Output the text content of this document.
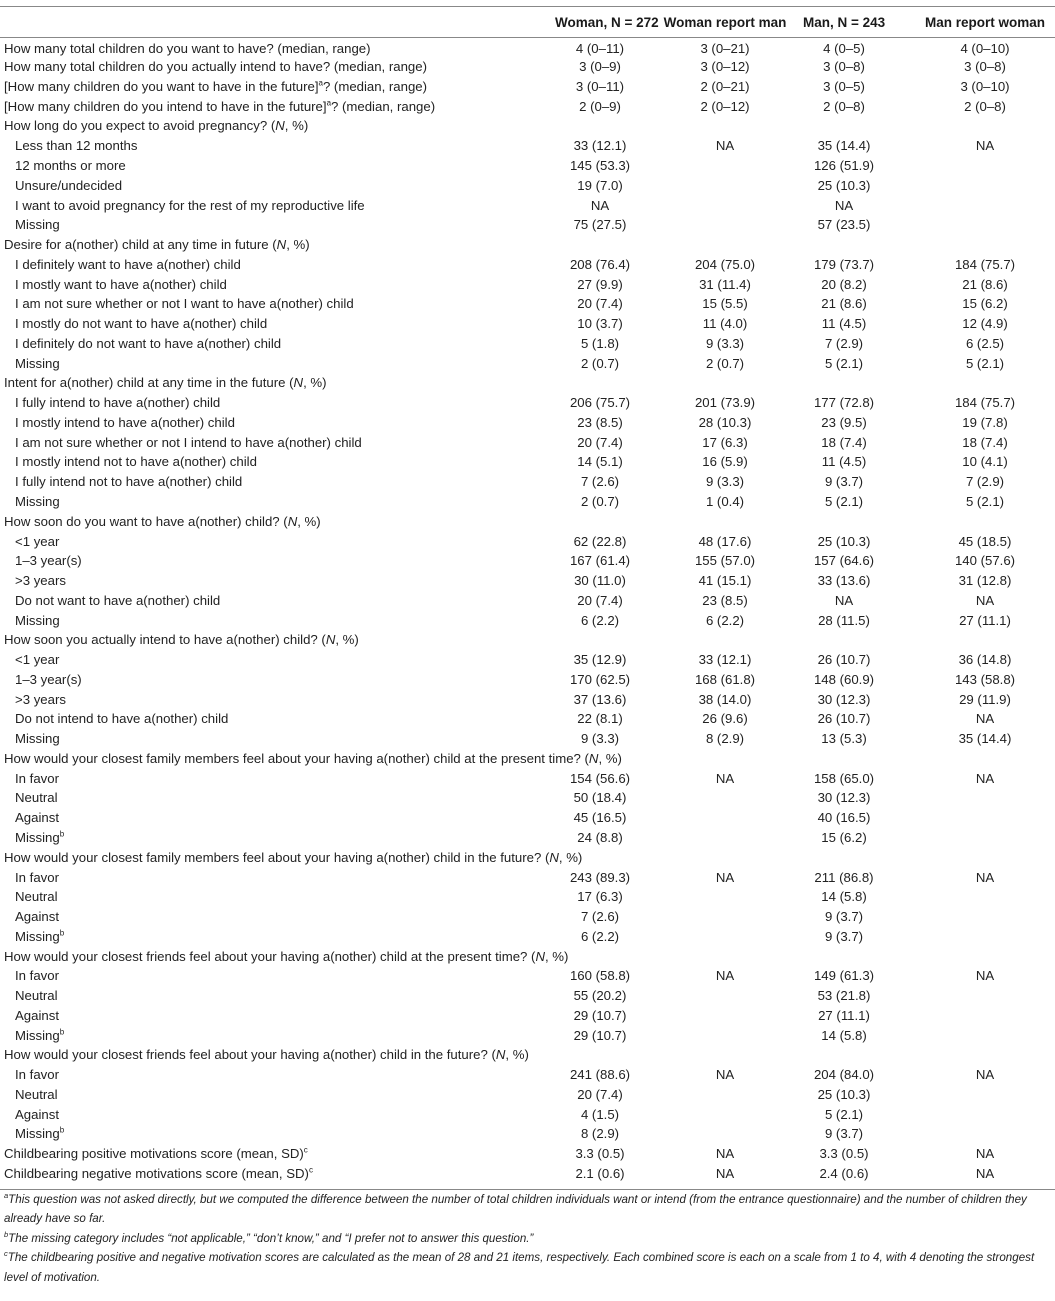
	Woman, N = 272	Woman report man	Man, N = 243	Man report woman
How many total children do you want to have? (median, range)	4 (0–11)	3 (0–21)	4 (0–5)	4 (0–10)
How many total children do you actually intend to have? (median, range)	3 (0–9)	3 (0–12)	3 (0–8)	3 (0–8)
[How many children do you want to have in the future]$^a$? (median, range)	3 (0–11)	2 (0–21)	3 (0–5)	3 (0–10)
[How many children do you intend to have in the future]$^a$? (median, range)	2 (0–9)	2 (0–12)	2 (0–8)	2 (0–8)
How long do you expect to avoid pregnancy? (N, %)				
Less than 12 months	33 (12.1)	NA	35 (14.4)	NA
12 months or more	145 (53.3)		126 (51.9)	
Unsure/undecided	19 (7.0)		25 (10.3)	
I want to avoid pregnancy for the rest of my reproductive life	NA		NA	
Missing	75 (27.5)		57 (23.5)	
Desire for a(nother) child at any time in future (N, %)				
I definitely want to have a(nother) child	208 (76.4)	204 (75.0)	179 (73.7)	184 (75.7)
I mostly want to have a(nother) child	27 (9.9)	31 (11.4)	20 (8.2)	21 (8.6)
I am not sure whether or not I want to have a(nother) child	20 (7.4)	15 (5.5)	21 (8.6)	15 (6.2)
I mostly do not want to have a(nother) child	10 (3.7)	11 (4.0)	11 (4.5)	12 (4.9)
I definitely do not want to have a(nother) child	5 (1.8)	9 (3.3)	7 (2.9)	6 (2.5)
Missing	2 (0.7)	2 (0.7)	5 (2.1)	5 (2.1)
Intent for a(nother) child at any time in the future (N, %)				
I fully intend to have a(nother) child	206 (75.7)	201 (73.9)	177 (72.8)	184 (75.7)
I mostly intend to have a(nother) child	23 (8.5)	28 (10.3)	23 (9.5)	19 (7.8)
I am not sure whether or not I intend to have a(nother) child	20 (7.4)	17 (6.3)	18 (7.4)	18 (7.4)
I mostly intend not to have a(nother) child	14 (5.1)	16 (5.9)	11 (4.5)	10 (4.1)
I fully intend not to have a(nother) child	7 (2.6)	9 (3.3)	9 (3.7)	7 (2.9)
Missing	2 (0.7)	1 (0.4)	5 (2.1)	5 (2.1)
How soon do you want to have a(nother) child? (N, %)				
<1 year	62 (22.8)	48 (17.6)	25 (10.3)	45 (18.5)
1–3 year(s)	167 (61.4)	155 (57.0)	157 (64.6)	140 (57.6)
>3 years	30 (11.0)	41 (15.1)	33 (13.6)	31 (12.8)
Do not want to have a(nother) child	20 (7.4)	23 (8.5)	NA	NA
Missing	6 (2.2)	6 (2.2)	28 (11.5)	27 (11.1)
How soon you actually intend to have a(nother) child? (N, %)				
<1 year	35 (12.9)	33 (12.1)	26 (10.7)	36 (14.8)
1–3 year(s)	170 (62.5)	168 (61.8)	148 (60.9)	143 (58.8)
>3 years	37 (13.6)	38 (14.0)	30 (12.3)	29 (11.9)
Do not intend to have a(nother) child	22 (8.1)	26 (9.6)	26 (10.7)	NA
Missing	9 (3.3)	8 (2.9)	13 (5.3)	35 (14.4)
How would your closest family members feel about your having a(nother) child at the present time? (N, %)				
In favor	154 (56.6)	NA	158 (65.0)	NA
Neutral	50 (18.4)		30 (12.3)	
Against	45 (16.5)		40 (16.5)	
Missing$^b$	24 (8.8)		15 (6.2)	
How would your closest family members feel about your having a(nother) child in the future? (N, %)				
In favor	243 (89.3)	NA	211 (86.8)	NA
Neutral	17 (6.3)		14 (5.8)	
Against	7 (2.6)		9 (3.7)	
Missing$^b$	6 (2.2)		9 (3.7)	
How would your closest friends feel about your having a(nother) child at the present time? (N, %)				
In favor	160 (58.8)	NA	149 (61.3)	NA
Neutral	55 (20.2)		53 (21.8)	
Against	29 (10.7)		27 (11.1)	
Missing$^b$	29 (10.7)		14 (5.8)	
How would your closest friends feel about your having a(nother) child in the future? (N, %)				
In favor	241 (88.6)	NA	204 (84.0)	NA
Neutral	20 (7.4)		25 (10.3)	
Against	4 (1.5)		5 (2.1)	
Missing$^b$	8 (2.9)		9 (3.7)	
Childbearing positive motivations score (mean, SD)$^c$	3.3 (0.5)	NA	3.3 (0.5)	NA
Childbearing negative motivations score (mean, SD)$^c$	2.1 (0.6)	NA	2.4 (0.6)	NA
$^a$This question was not asked directly, but we computed the difference between the number of total children individuals want or intend (from the entrance questionnaire) and the number of children they already have so far.
$^b$The missing category includes “not applicable,” “don’t know,” and “I prefer not to answer this question.”
$^c$The childbearing positive and negative motivation scores are calculated as the mean of 28 and 21 items, respectively. Each combined score is each on a scale from 1 to 4, with 4 denoting the strongest level of motivation.
